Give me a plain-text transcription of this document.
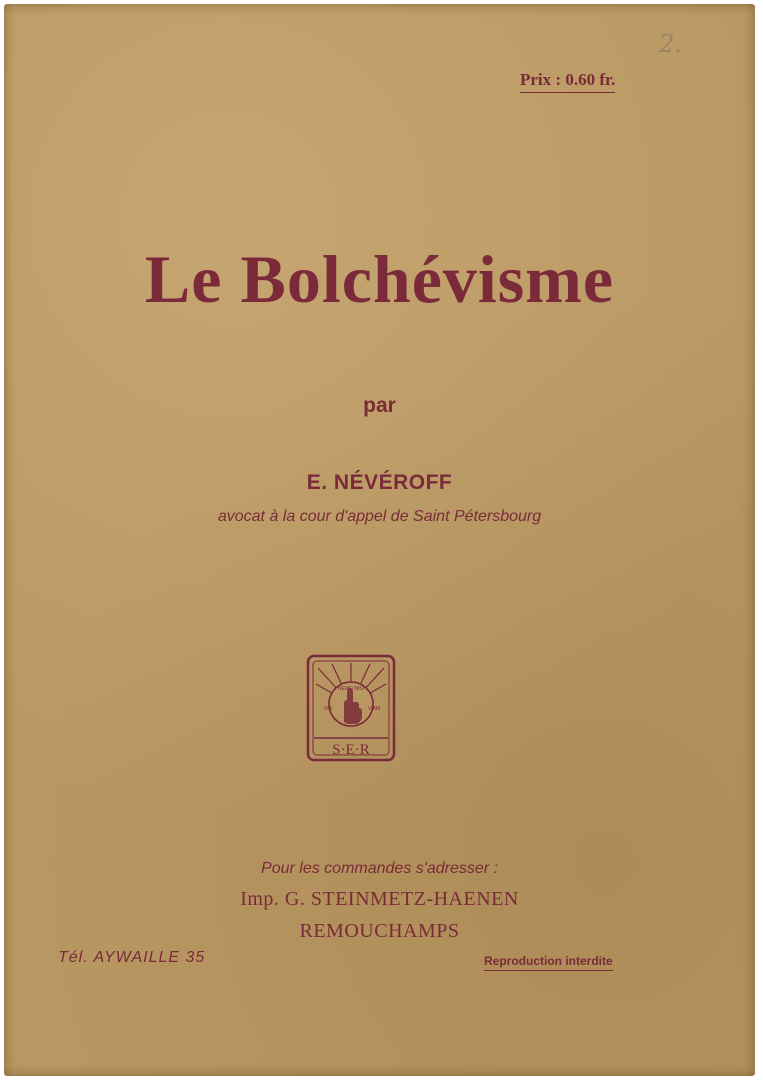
2.
Prix : 0.60 fr.
Le Bolchévisme
par
E. NÉVÉROFF
avocat à la cour d'appel de Saint Pétersbourg
NEMO NISI
VIA	VIAM
S·E·R
Pour les commandes s'adresser :
Imp. G. STEINMETZ-HAENEN
REMOUCHAMPS
Tél. AYWAILLE 35	Reproduction interdite
